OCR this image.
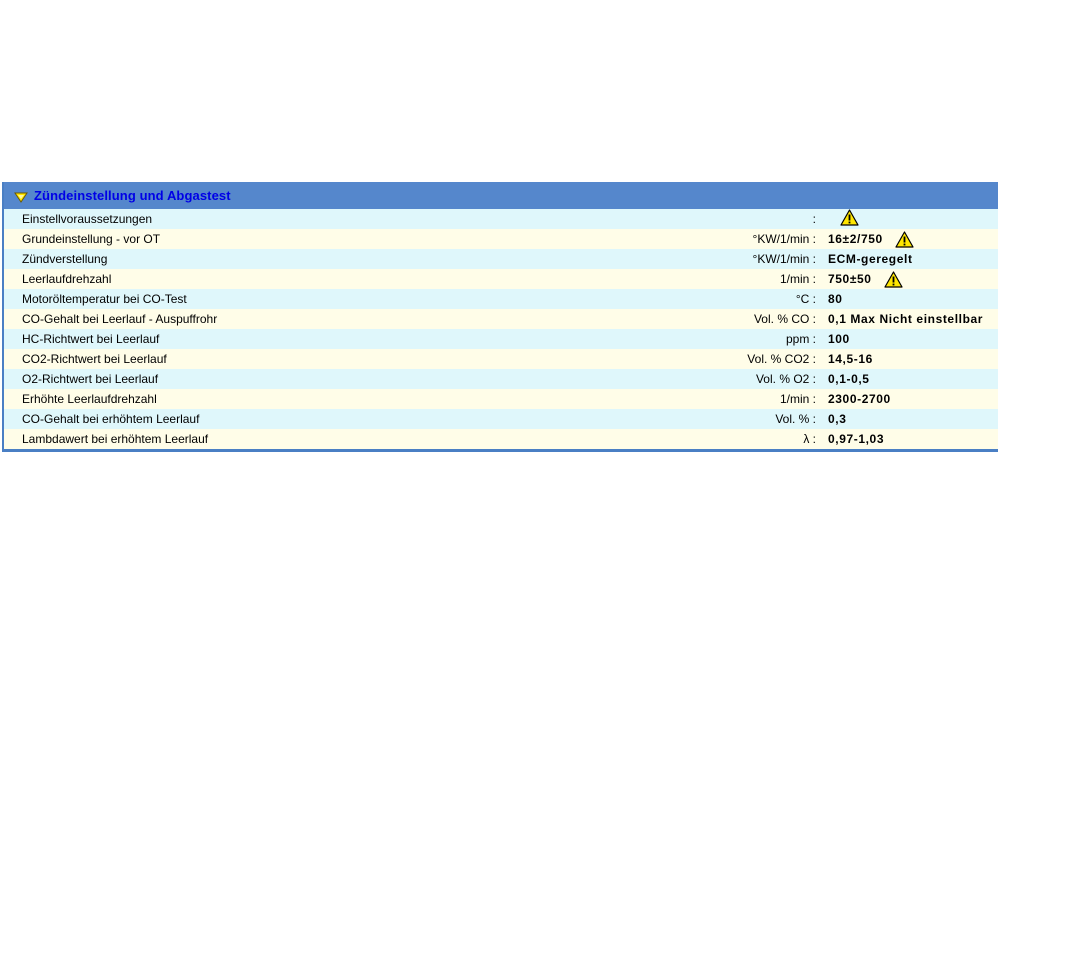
Zündeinstellung und Abgastest
Einstellvoraussetzungen	:
Grundeinstellung - vor OT	°KW/1/min : 16±2/750
Zündverstellung	°KW/1/min : ECM-geregelt
Leerlaufdrehzahl	1/min : 750±50
Motoröltemperatur bei CO-Test	°C : 80
CO-Gehalt bei Leerlauf - Auspuffrohr	Vol. % CO : 0,1 Max Nicht einstellbar
HC-Richtwert bei Leerlauf	ppm : 100
CO2-Richtwert bei Leerlauf	Vol. % CO2 : 14,5-16
O2-Richtwert bei Leerlauf	Vol. % O2 : 0,1-0,5
Erhöhte Leerlaufdrehzahl	1/min : 2300-2700
CO-Gehalt bei erhöhtem Leerlauf	Vol. % : 0,3
Lambdawert bei erhöhtem Leerlauf	λ : 0,97-1,03
